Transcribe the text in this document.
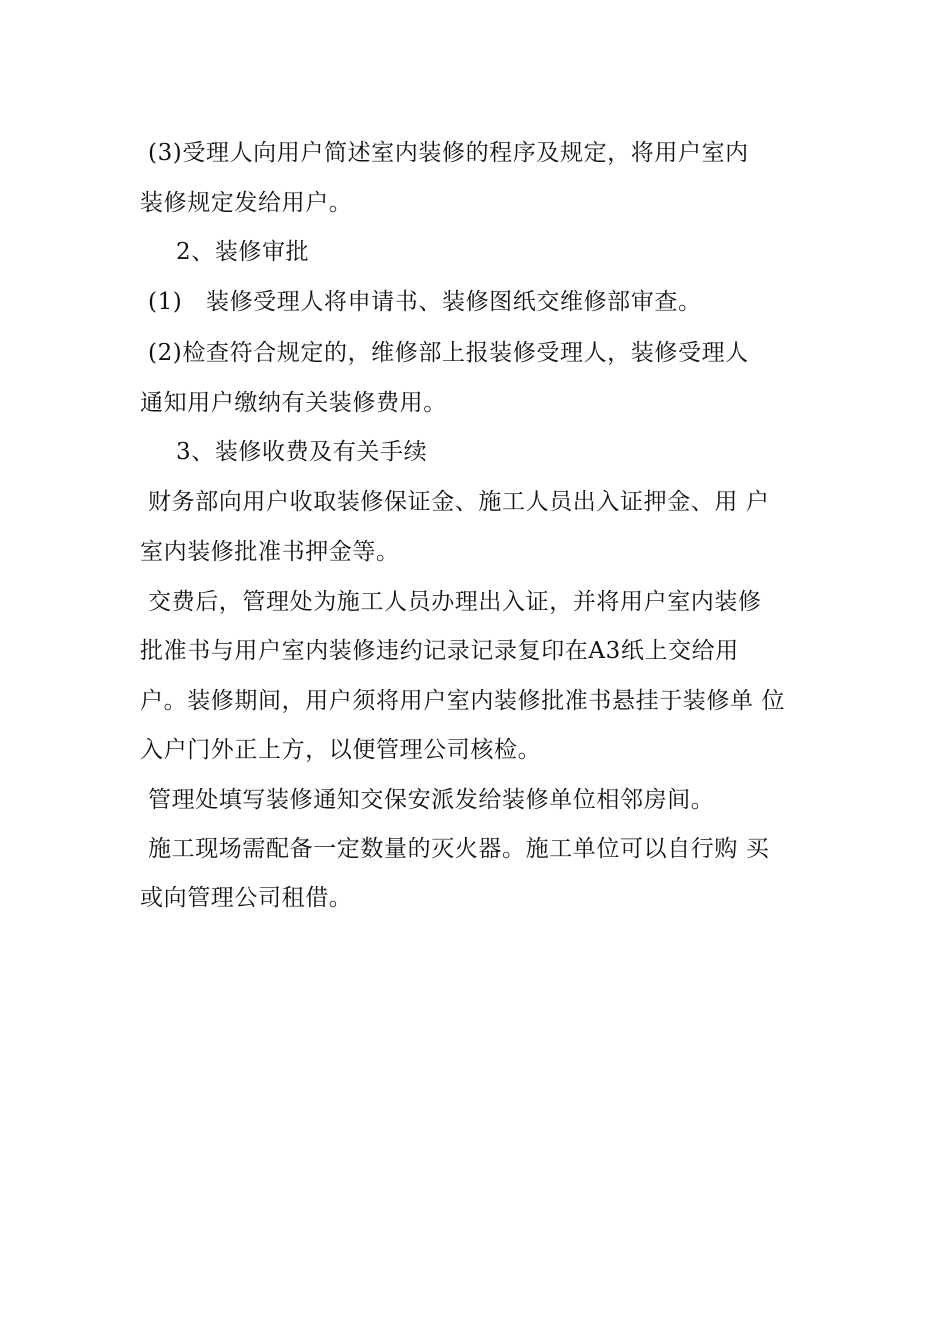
(3)受理人向用户简述室内装修的程序及规定，将用户室内
装修规定发给用户。
2、装修审批
(1)　装修受理人将申请书、装修图纸交维修部审查。
(2)检查符合规定的，维修部上报装修受理人，装修受理人
通知用户缴纳有关装修费用。
3、装修收费及有关手续
财务部向用户收取装修保证金、施工人员出入证押金、用 户
室内装修批准书押金等。
交费后，管理处为施工人员办理出入证，并将用户室内装修
批准书与用户室内装修违约记录记录复印在A3纸上交给用
户。装修期间，用户须将用户室内装修批准书悬挂于装修单 位
入户门外正上方，以便管理公司核检。
管理处填写装修通知交保安派发给装修单位相邻房间。
施工现场需配备一定数量的灭火器。施工单位可以自行购 买
或向管理公司租借。
